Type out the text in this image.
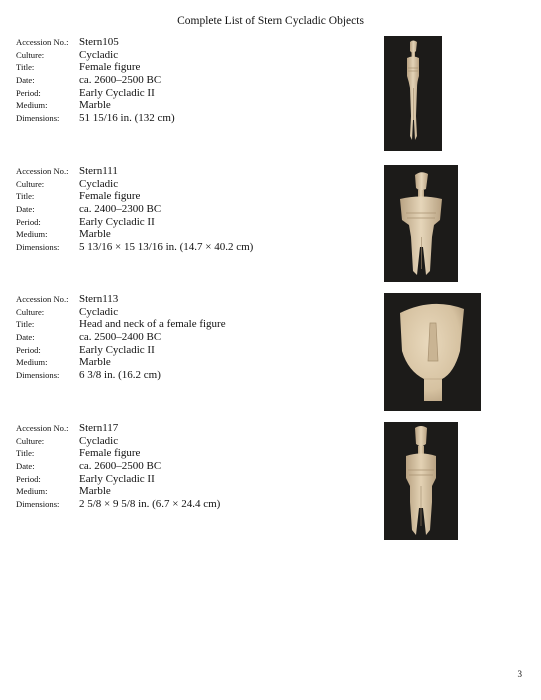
Complete List of Stern Cycladic Objects
Accession No.: Stern105
Culture:	Cycladic
Title:	Female figure
Date:	ca. 2600–2500 BC
Period:	Early Cycladic II
Medium:	Marble
Dimensions: 51 15/16 in. (132 cm)
Accession No.: Stern111
Culture:	Cycladic
Title:	Female figure
Date:	ca. 2400–2300 BC
Period:	Early Cycladic II
Medium:	Marble
Dimensions: 5 13/16 × 15 13/16 in. (14.7 × 40.2 cm)
Accession No.: Stern113
Culture:	Cycladic
Title:	Head and neck of a female figure
Date:	ca. 2500–2400 BC
Period:	Early Cycladic II
Medium:	Marble
Dimensions: 6 3/8 in. (16.2 cm)
Accession No.: Stern117
Culture:	Cycladic
Title:	Female figure
Date:	ca. 2600–2500 BC
Period:	Early Cycladic II
Medium:	Marble
Dimensions: 2 5/8 × 9 5/8 in. (6.7 × 24.4 cm)
3
